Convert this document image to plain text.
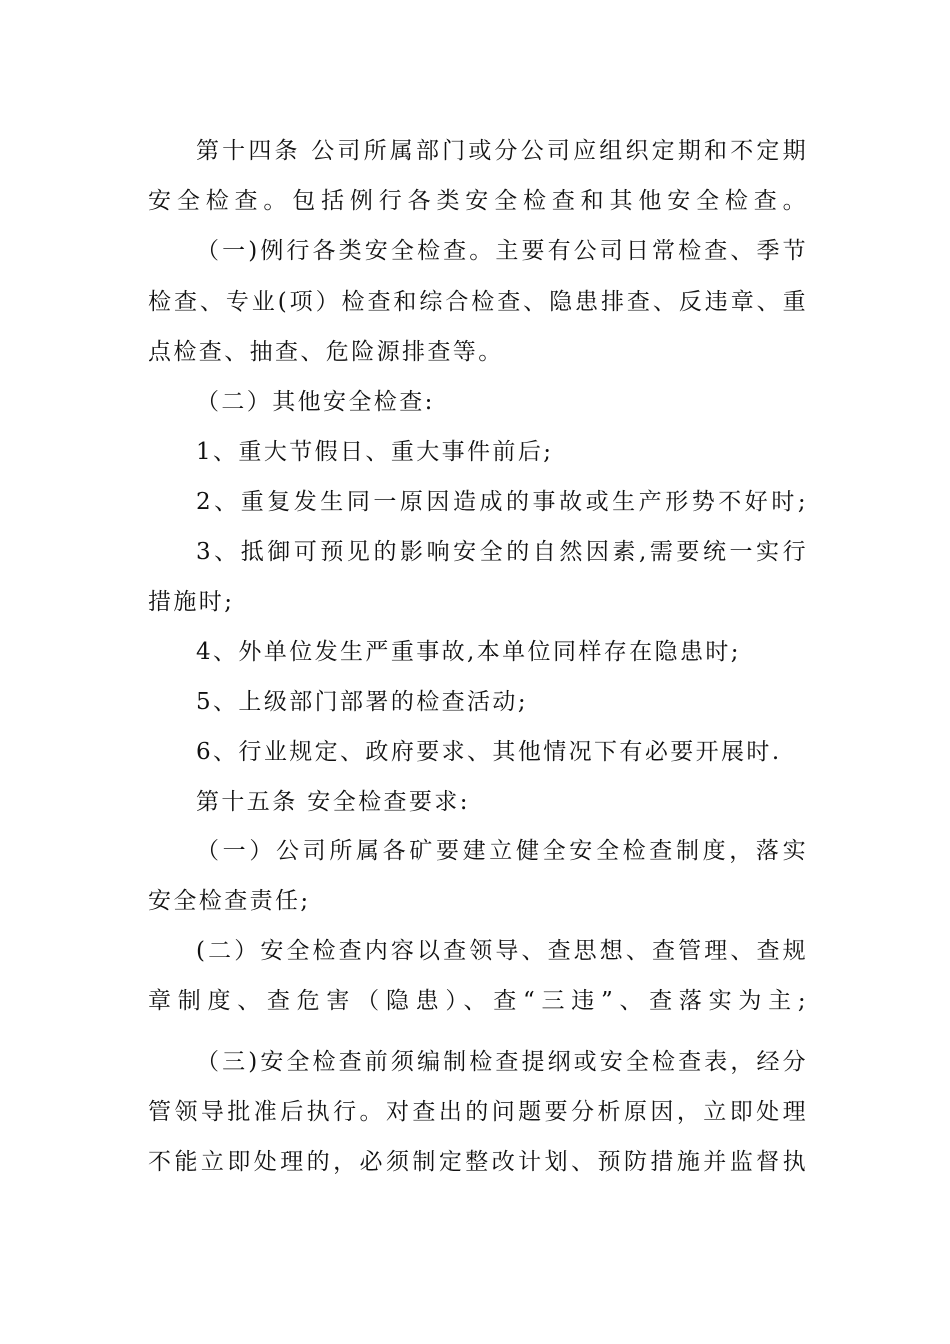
第十四条 公司所属部门或分公司应组织定期和不定期
安全检查。包括例行各类安全检查和其他安全检查。
（一)例行各类安全检查。主要有公司日常检查、季节
检查、专业(项）检查和综合检查、隐患排查、反违章、重
点检查、抽查、危险源排查等。
（二）其他安全检查:
1、重大节假日、重大事件前后;
2、重复发生同一原因造成的事故或生产形势不好时;
3、抵御可预见的影响安全的自然因素,需要统一实行
措施时;
4、外单位发生严重事故,本单位同样存在隐患时;
5、上级部门部署的检查活动;
6、行业规定、政府要求、其他情况下有必要开展时.
第十五条 安全检查要求:
（一）公司所属各矿要建立健全安全检查制度，落实
安全检查责任;
(二）安全检查内容以查领导、查思想、查管理、查规
章制度、查危害（隐患）、查“三违”、查落实为主;
（三)安全检查前须编制检查提纲或安全检查表，经分
管领导批准后执行。对查出的问题要分析原因，立即处理
不能立即处理的，必须制定整改计划、预防措施并监督执
